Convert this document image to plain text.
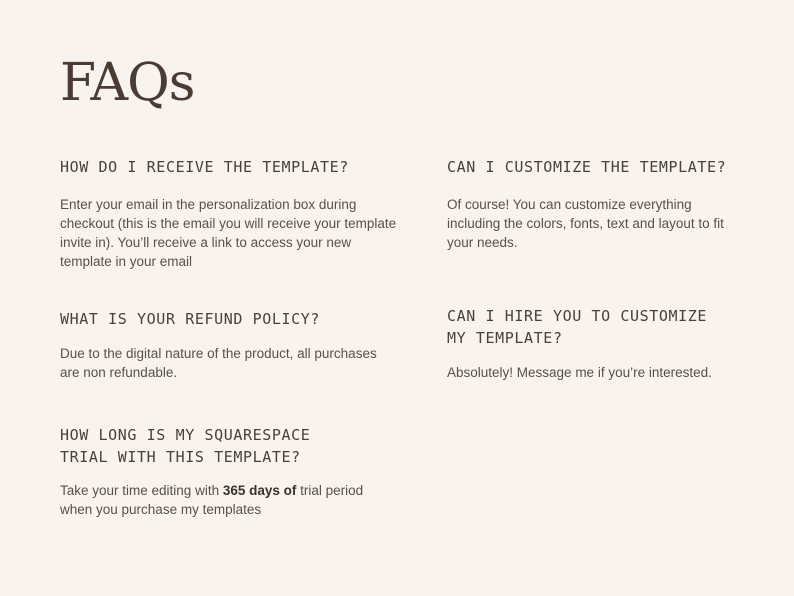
FAQs

HOW DO I RECEIVE THE TEMPLATE?

Enter your email in the personalization box during checkout (this is the email you will receive your template invite in). You’ll receive a link to access your new template in your email

CAN I CUSTOMIZE THE TEMPLATE?

Of course! You can customize everything including the colors, fonts, text and layout to fit your needs.

WHAT IS YOUR REFUND POLICY?

Due to the digital nature of the product, all purchases are non refundable.

CAN I HIRE YOU TO CUSTOMIZE
MY TEMPLATE?

Absolutely! Message me if you’re interested.

HOW LONG IS MY SQUARESPACE
TRIAL WITH THIS TEMPLATE?

Take your time editing with 365 days of trial period when you purchase my templates
